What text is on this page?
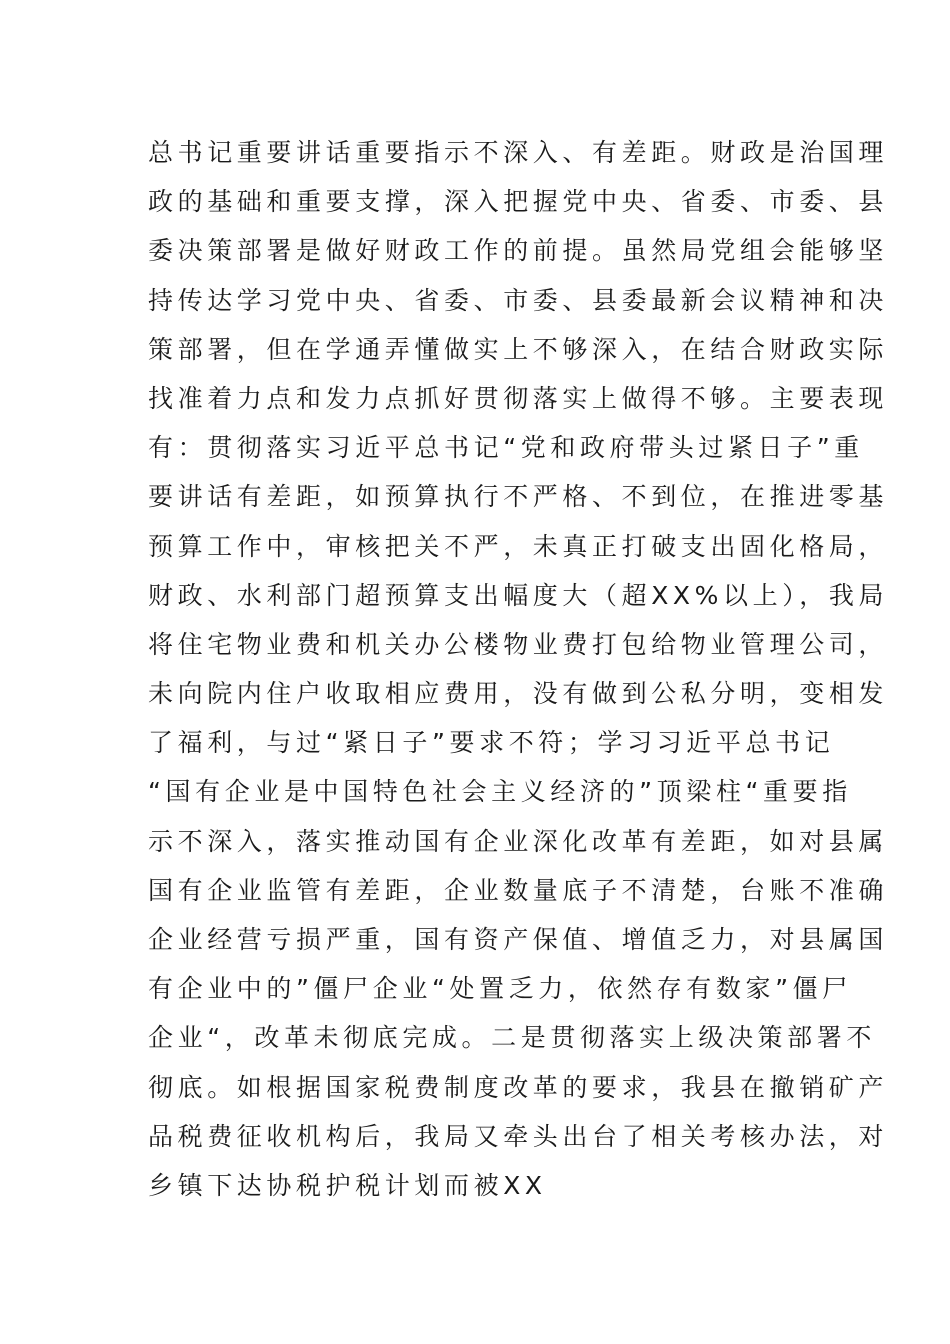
总书记重要讲话重要指示不深入、有差距。财政是治国理
政的基础和重要支撑，深入把握党中央、省委、市委、县
委决策部署是做好财政工作的前提。虽然局党组会能够坚
持传达学习党中央、省委、市委、县委最新会议精神和决
策部署，但在学通弄懂做实上不够深入，在结合财政实际
找准着力点和发力点抓好贯彻落实上做得不够。主要表现
有：贯彻落实习近平总书记“党和政府带头过紧日子”重
要讲话有差距，如预算执行不严格、不到位，在推进零基
预算工作中，审核把关不严，未真正打破支出固化格局，
财政、水利部门超预算支出幅度大（超XX%以上），我局
将住宅物业费和机关办公楼物业费打包给物业管理公司，
未向院内住户收取相应费用，没有做到公私分明，变相发
了福利，与过“紧日子”要求不符；学习习近平总书记
“国有企业是中国特色社会主义经济的”顶梁柱“重要指
示不深入，落实推动国有企业深化改革有差距，如对县属
国有企业监管有差距，企业数量底子不清楚，台账不准确
企业经营亏损严重，国有资产保值、增值乏力，对县属国
有企业中的”僵尸企业“处置乏力，依然存有数家”僵尸
企业“，改革未彻底完成。二是贯彻落实上级决策部署不
彻底。如根据国家税费制度改革的要求，我县在撤销矿产
品税费征收机构后，我局又牵头出台了相关考核办法，对
乡镇下达协税护税计划而被XX
